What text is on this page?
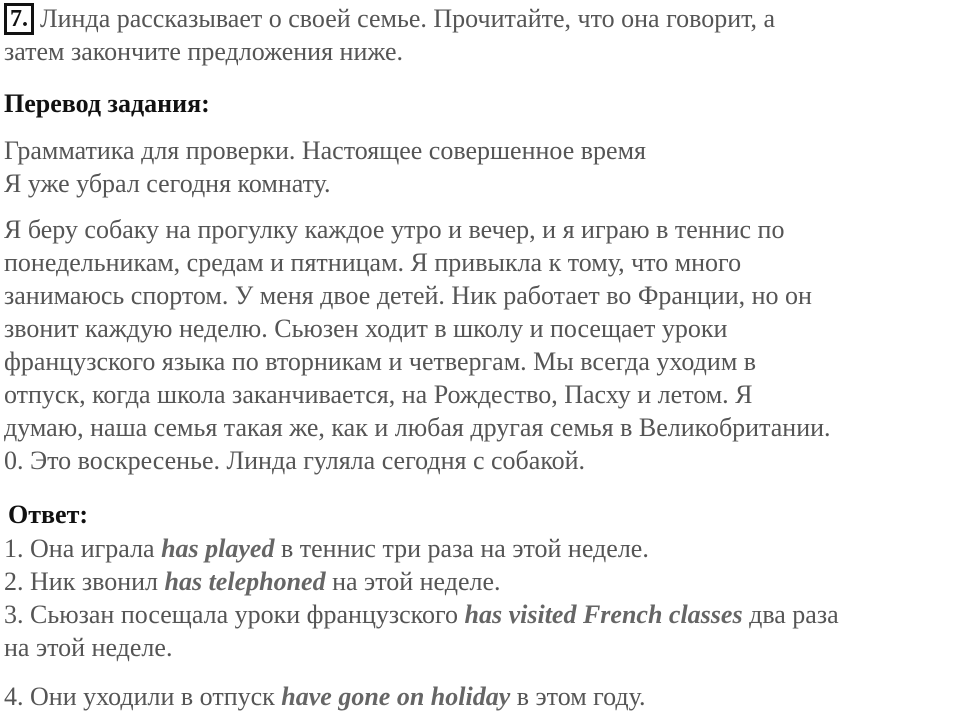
7. Линда рассказывает о своей семье. Прочитайте, что она говорит, а
затем закончите предложения ниже.
Перевод задания:
Грамматика для проверки. Настоящее совершенное время
Я уже убрал сегодня комнату.
Я беру собаку на прогулку каждое утро и вечер, и я играю в теннис по
понедельникам, средам и пятницам. Я привыкла к тому, что много
занимаюсь спортом. У меня двое детей. Ник работает во Франции, но он
звонит каждую неделю. Сьюзен ходит в школу и посещает уроки
французского языка по вторникам и четвергам. Мы всегда уходим в
отпуск, когда школа заканчивается, на Рождество, Пасху и летом. Я
думаю, наша семья такая же, как и любая другая семья в Великобритании.
0. Это воскресенье. Линда гуляла сегодня с собакой.
Ответ:
1. Она играла has played в теннис три раза на этой неделе.
2. Ник звонил has telephoned на этой неделе.
3. Сьюзан посещала уроки французского has visited French classes два раза
на этой неделе.
4. Они уходили в отпуск have gone on holiday в этом году.
